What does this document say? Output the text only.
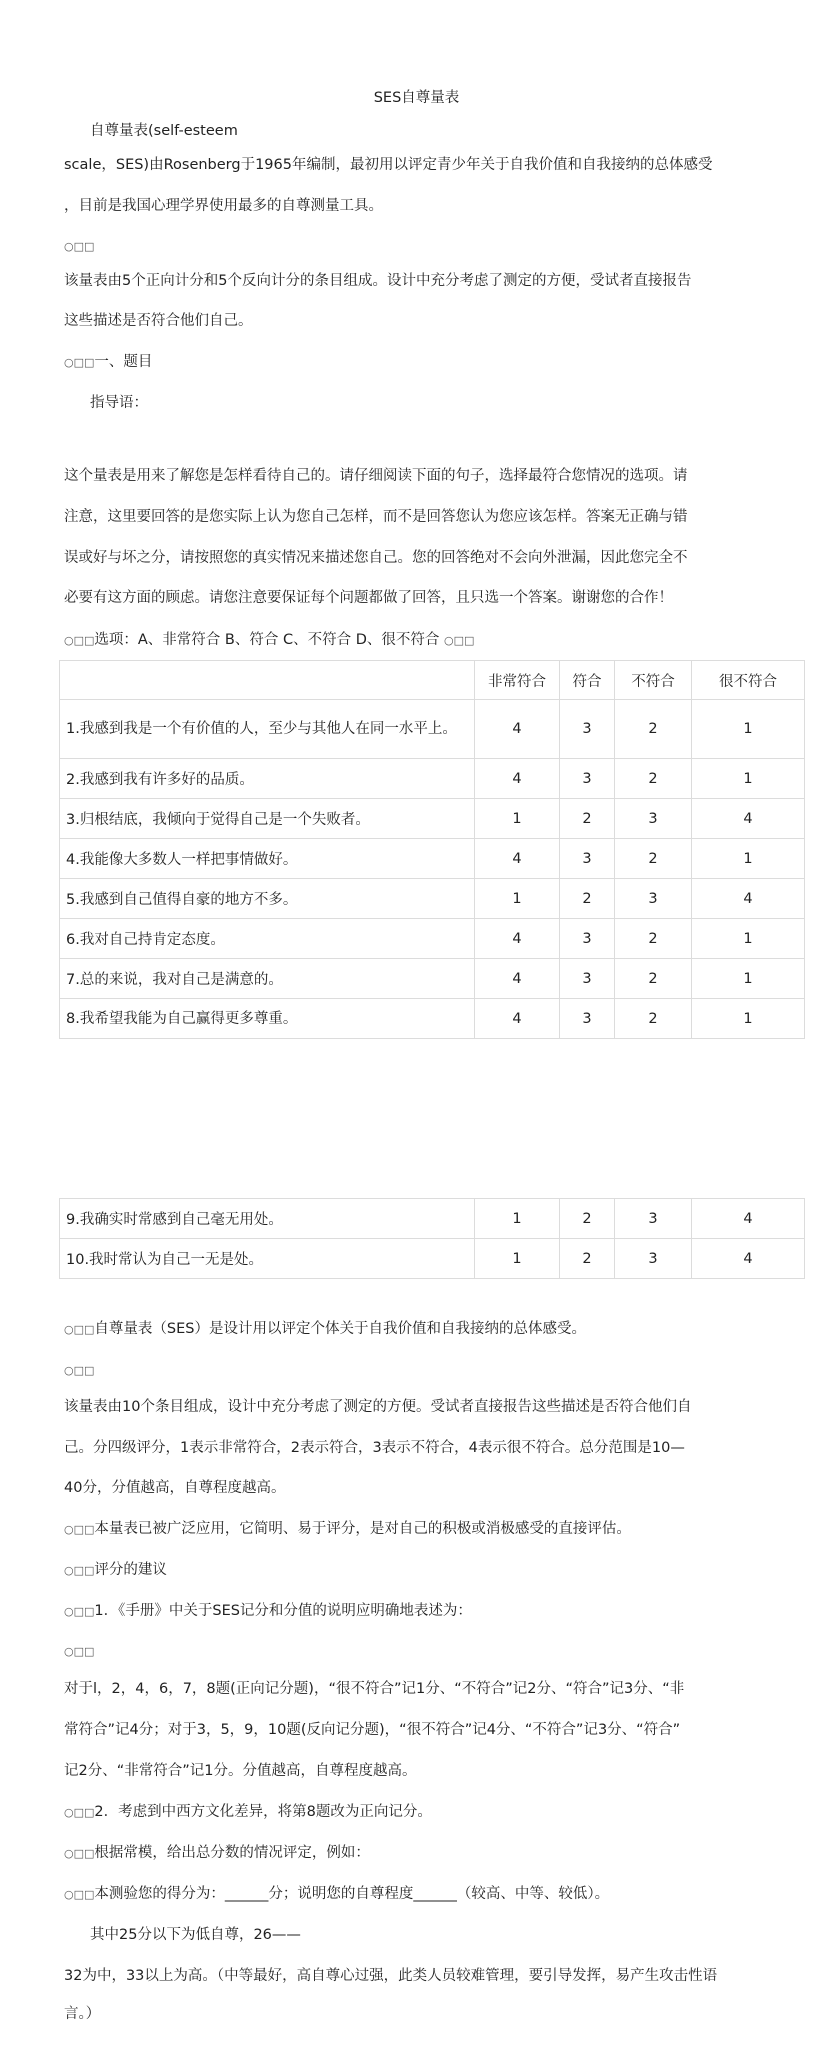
SES自尊量表
自尊量表(self-esteem
scale，SES)由Rosenberg于1965年编制，最初用以评定青少年关于自我价值和自我接纳的总体感受
，目前是我国心理学界使用最多的自尊测量工具。
○□□
该量表由5个正向计分和5个反向计分的条目组成。设计中充分考虑了测定的方便，受试者直接报告
这些描述是否符合他们自己。
○□□一、题目
指导语：
这个量表是用来了解您是怎样看待自己的。请仔细阅读下面的句子，选择最符合您情况的选项。请
注意，这里要回答的是您实际上认为您自己怎样，而不是回答您认为您应该怎样。答案无正确与错
误或好与坏之分，请按照您的真实情况来描述您自己。您的回答绝对不会向外泄漏，因此您完全不
必要有这方面的顾虑。请您注意要保证每个问题都做了回答，且只选一个答案。谢谢您的合作！
○□□选项：A、非常符合 B、符合 C、不符合 D、很不符合 ○□□
	非常符合	符合	不符合	很不符合
1.我感到我是一个有价值的人，至少与其他人在同一水平上。	4	3	2	1
2.我感到我有许多好的品质。	4	3	2	1
3.归根结底，我倾向于觉得自己是一个失败者。	1	2	3	4
4.我能像大多数人一样把事情做好。	4	3	2	1
5.我感到自己值得自豪的地方不多。	1	2	3	4
6.我对自己持肯定态度。	4	3	2	1
7.总的来说，我对自己是满意的。	4	3	2	1
8.我希望我能为自己赢得更多尊重。	4	3	2	1
9.我确实时常感到自己毫无用处。	1	2	3	4
10.我时常认为自己一无是处。	1	2	3	4
○□□自尊量表（SES）是设计用以评定个体关于自我价值和自我接纳的总体感受。
○□□
该量表由10个条目组成，设计中充分考虑了测定的方便。受试者直接报告这些描述是否符合他们自
己。分四级评分，1表示非常符合，2表示符合，3表示不符合，4表示很不符合。总分范围是10—
40分，分值越高，自尊程度越高。
○□□本量表已被广泛应用，它简明、易于评分，是对自己的积极或消极感受的直接评估。
○□□评分的建议
○□□1．《手册》中关于SES记分和分值的说明应明确地表述为：
○□□
对于l，2，4，6，7，8题(正向记分题)，“很不符合”记1分、“不符合”记2分、“符合”记3分、“非
常符合”记4分；对于3，5，9，10题(反向记分题)，“很不符合”记4分、“不符合”记3分、“符合”
记2分、“非常符合”记1分。分值越高，自尊程度越高。
○□□2．考虑到中西方文化差异，将第8题改为正向记分。
○□□根据常模，给出总分数的情况评定，例如：
○□□本测验您的得分为：______分；说明您的自尊程度______（较高、中等、较低）。
其中25分以下为低自尊，26——
32为中，33以上为高。（中等最好，高自尊心过强，此类人员较难管理，要引导发挥，易产生攻击性语
言。）
